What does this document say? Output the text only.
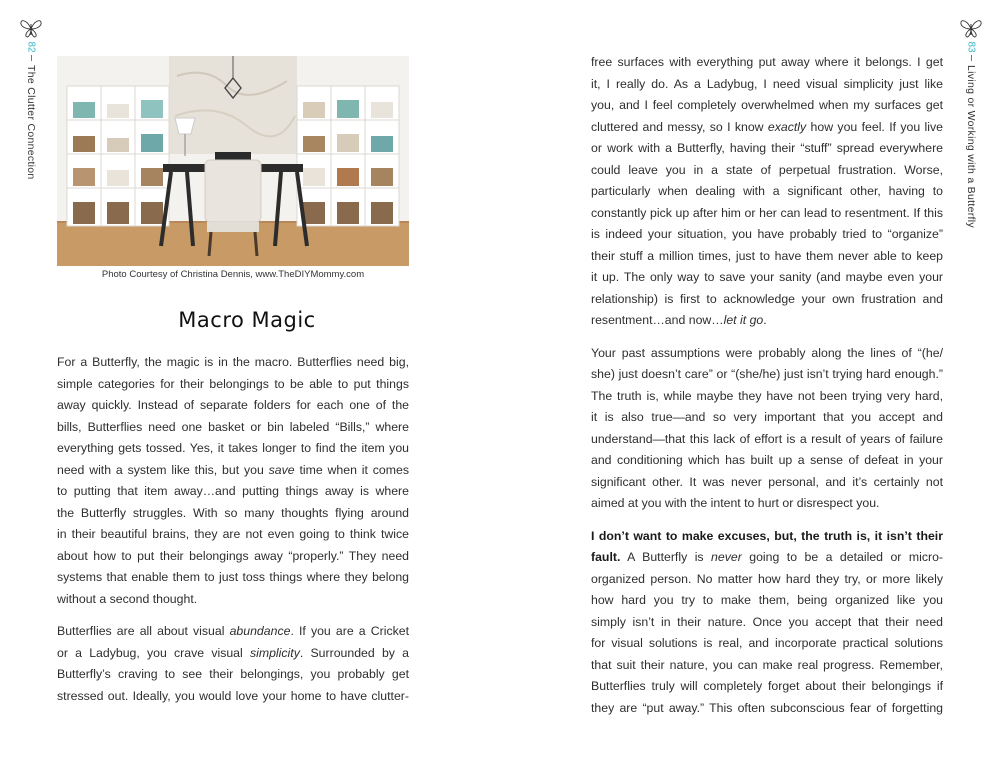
82
The Clutter Connection
Photo Courtesy of Christina Dennis, www.TheDIYMommy.com
Macro Magic

For a Butterfly, the magic is in the macro. Butterflies need big,
simple categories for their belongings to be able to put things
away quickly. Instead of separate folders for each one of the
bills, Butterflies need one basket or bin labeled “Bills,” where
everything gets tossed. Yes, it takes longer to find the item you
need with a system like this, but you save time when it comes
to putting that item away…and putting things away is where
the Butterfly struggles. With so many thoughts flying around
in their beautiful brains, they are not even going to think twice
about how to put their belongings away “properly.” They need
systems that enable them to just toss things where they belong
without a second thought.

Butterflies are all about visual abundance. If you are a Cricket
or a Ladybug, you crave visual simplicity. Surrounded by a
Butterfly’s craving to see their belongings, you probably get
stressed out. Ideally, you would love your home to have clutter-

83
Living or Working with a Butterfly

free surfaces with everything put away where it belongs. I get
it, I really do. As a Ladybug, I need visual simplicity just like
you, and I feel completely overwhelmed when my surfaces get
cluttered and messy, so I know exactly how you feel. If you live
or work with a Butterfly, having their “stuff” spread everywhere
could leave you in a state of perpetual frustration. Worse,
particularly when dealing with a significant other, having to
constantly pick up after him or her can lead to resentment. If this
is indeed your situation, you have probably tried to “organize”
their stuff a million times, just to have them never able to keep
it up. The only way to save your sanity (and maybe even your
relationship) is first to acknowledge your own frustration and
resentment…and now…let it go.

Your past assumptions were probably along the lines of “(he/
she) just doesn’t care” or “(she/he) just isn’t trying hard enough.”
The truth is, while maybe they have not been trying very hard,
it is also true—and so very important that you accept and
understand—that this lack of effort is a result of years of failure
and conditioning which has built up a sense of defeat in your
significant other. It was never personal, and it’s certainly not
aimed at you with the intent to hurt or disrespect you.

I don’t want to make excuses, but, the truth is, it isn’t their
fault. A Butterfly is never going to be a detailed or micro-
organized person. No matter how hard they try, or more likely
how hard you try to make them, being organized like you
simply isn’t in their nature. Once you accept that their need
for visual solutions is real, and incorporate practical solutions
that suit their nature, you can make real progress. Remember,
Butterflies truly will completely forget about their belongings if
they are “put away.” This often subconscious fear of forgetting
